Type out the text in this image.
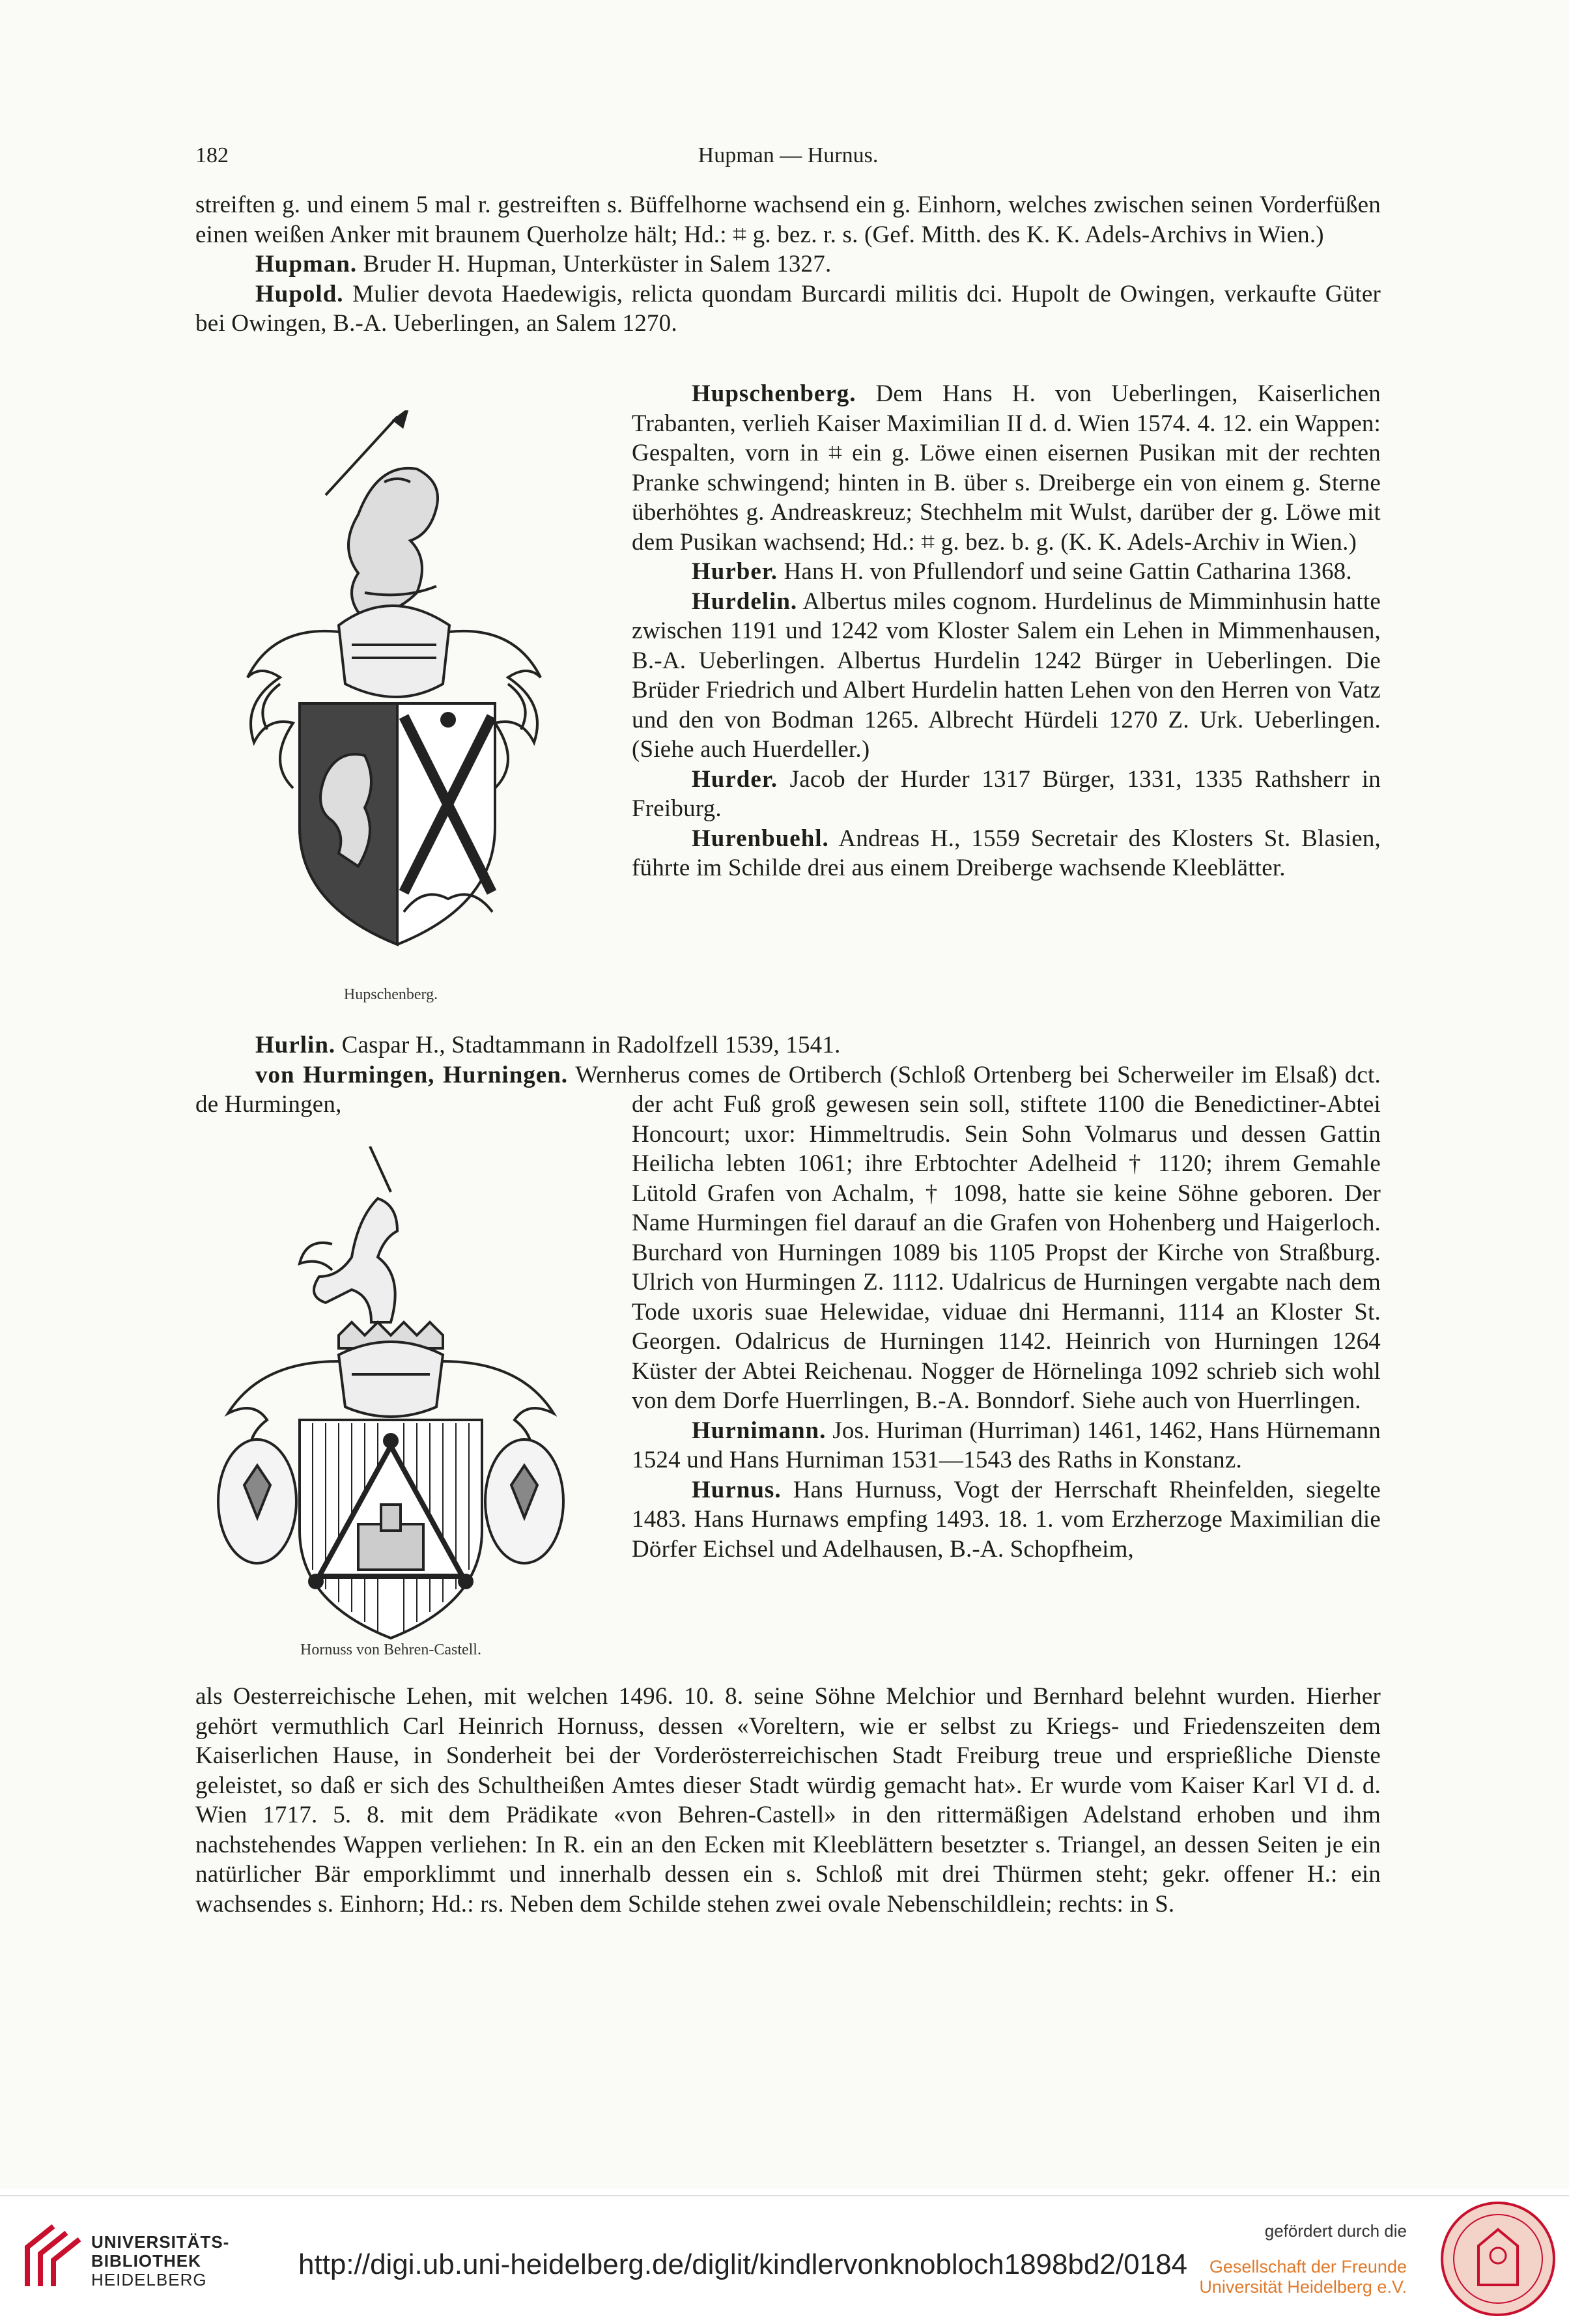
182	Hupman — Hurnus.

streiften g. und einem 5 mal r. gestreiften s. Büffelhorne wachsend ein g. Einhorn, welches zwischen seinen Vorderfüßen einen weißen Anker mit braunem Querholze hält; Hd.: ⌗ g. bez. r. s. (Gef. Mitth. des K. K. Adels-Archivs in Wien.)

Hupman. Bruder H. Hupman, Unterküster in Salem 1327.

Hupold. Mulier devota Haedewigis, relicta quondam Burcardi militis dci. Hupolt de Owingen, verkaufte Güter bei Owingen, B.-A. Ueberlingen, an Salem 1270.

Hupschenberg.

Hupschenberg. Dem Hans H. von Ueberlingen, Kaiserlichen Trabanten, verlieh Kaiser Maximilian II d. d. Wien 1574. 4. 12. ein Wappen: Gespalten, vorn in ⌗ ein g. Löwe einen eisernen Pusikan mit der rechten Pranke schwingend; hinten in B. über s. Dreiberge ein von einem g. Sterne überhöhtes g. Andreaskreuz; Stechhelm mit Wulst, darüber der g. Löwe mit dem Pusikan wachsend; Hd.: ⌗ g. bez. b. g. (K. K. Adels-Archiv in Wien.)

Hurber. Hans H. von Pfullendorf und seine Gattin Catharina 1368.

Hurdelin. Albertus miles cognom. Hurdelinus de Mimminhusin hatte zwischen 1191 und 1242 vom Kloster Salem ein Lehen in Mimmenhausen, B.-A. Ueberlingen. Albertus Hurdelin 1242 Bürger in Ueberlingen. Die Brüder Friedrich und Albert Hurdelin hatten Lehen von den Herren von Vatz und den von Bodman 1265. Albrecht Hürdeli 1270 Z. Urk. Ueberlingen. (Siehe auch Huerdeller.)

Hurder. Jacob der Hurder 1317 Bürger, 1331, 1335 Rathsherr in Freiburg.

Hurenbuehl. Andreas H., 1559 Secretair des Klosters St. Blasien, führte im Schilde drei aus einem Dreiberge wachsende Kleeblätter.

Hurlin. Caspar H., Stadtammann in Radolfzell 1539, 1541.

von Hurmingen, Hurningen. Wernherus comes de Ortiberch (Schloß Ortenberg bei Scherweiler im Elsaß) dct. de Hurmingen,

Hornuss von Behren-Castell.

der acht Fuß groß gewesen sein soll, stiftete 1100 die Benedictiner-Abtei Honcourt; uxor: Himmeltrudis. Sein Sohn Volmarus und dessen Gattin Heilicha lebten 1061; ihre Erbtochter Adelheid † 1120; ihrem Gemahle Lütold Grafen von Achalm, † 1098, hatte sie keine Söhne geboren. Der Name Hurmingen fiel darauf an die Grafen von Hohenberg und Haigerloch. Burchard von Hurningen 1089 bis 1105 Propst der Kirche von Straßburg. Ulrich von Hurmingen Z. 1112. Udalricus de Hurningen vergabte nach dem Tode uxoris suae Helewidae, viduae dni Hermanni, 1114 an Kloster St. Georgen. Odalricus de Hurningen 1142. Heinrich von Hurningen 1264 Küster der Abtei Reichenau. Nogger de Hörnelinga 1092 schrieb sich wohl von dem Dorfe Huerrlingen, B.-A. Bonndorf. Siehe auch von Huerrlingen.

Hurnimann. Jos. Huriman (Hurriman) 1461, 1462, Hans Hürnemann 1524 und Hans Hurniman 1531—1543 des Raths in Konstanz.

Hurnus. Hans Hurnuss, Vogt der Herrschaft Rheinfelden, siegelte 1483. Hans Hurnaws empfing 1493. 18. 1. vom Erzherzoge Maximilian die Dörfer Eichsel und Adelhausen, B.-A. Schopfheim,

als Oesterreichische Lehen, mit welchen 1496. 10. 8. seine Söhne Melchior und Bernhard belehnt wurden. Hierher gehört vermuthlich Carl Heinrich Hornuss, dessen «Voreltern, wie er selbst zu Kriegs- und Friedenszeiten dem Kaiserlichen Hause, in Sonderheit bei der Vorderösterreichischen Stadt Freiburg treue und ersprießliche Dienste geleistet, so daß er sich des Schultheißen Amtes dieser Stadt würdig gemacht hat». Er wurde vom Kaiser Karl VI d. d. Wien 1717. 5. 8. mit dem Prädikate «von Behren-Castell» in den rittermäßigen Adelstand erhoben und ihm nachstehendes Wappen verliehen: In R. ein an den Ecken mit Kleeblättern besetzter s. Triangel, an dessen Seiten je ein natürlicher Bär emporklimmt und innerhalb dessen ein s. Schloß mit drei Thürmen steht; gekr. offener H.: ein wachsendes s. Einhorn; Hd.: rs. Neben dem Schilde stehen zwei ovale Nebenschildlein; rechts: in S.

UNIVERSITÄTS-
BIBLIOTHEK
HEIDELBERG	http://digi.ub.uni-heidelberg.de/diglit/kindlervonknobloch1898bd2/0184
gefördert durch die
Gesellschaft der Freunde
Universität Heidelberg e.V.
